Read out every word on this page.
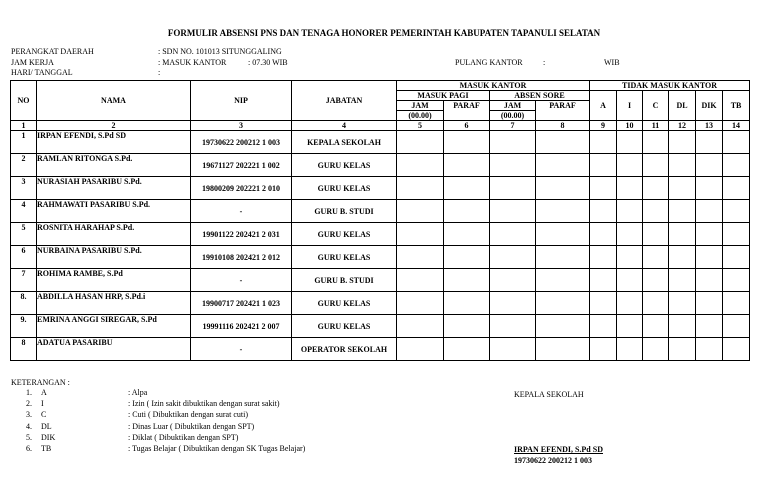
FORMULIR ABSENSI PNS DAN TENAGA HONORER PEMERINTAH KABUPATEN TAPANULI SELATAN
PERANGKAT DAERAH	: SDN NO. 101013 SITUNGGALING
JAM KERJA	: MASUK KANTOR	: 07.30 WIB	PULANG KANTOR	:	WIB
HARI/ TANGGAL	:
NO	NAMA	NIP	JABATAN	MASUK KANTOR				TIDAK MASUK KANTOR					
				MASUK PAGI		ABSEN SORE		A	I	C	DL	DIK	TB
				JAM	PARAF	JAM	PARAF						
				(00.00)		(00.00)							
1	2	3	4	5	6	7	8	9	10	11	12	13	14
1	IRPAN EFENDI, S.Pd SD	19730622 200212 1 003	KEPALA SEKOLAH										
2	RAMLAN RITONGA S.Pd.	19671127 202221 1 002	GURU KELAS										
3	NURASIAH PASARIBU S.Pd.	19800209 202221 2 010	GURU KELAS										
4	RAHMAWATI PASARIBU S.Pd.	-	GURU B. STUDI										
5	ROSNITA HARAHAP S.Pd.	19901122 202421 2 031	GURU KELAS										
6	NURBAINA PASARIBU S.Pd.	19910108 202421 2 012	GURU KELAS										
7	ROHIMA RAMBE, S.Pd	-	GURU B. STUDI										
8.	ABDILLA HASAN HRP, S.Pd.i	19900717 202421 1 023	GURU KELAS										
9.	EMRINA ANGGI SIREGAR, S.Pd	19991116 202421 2 007	GURU KELAS										
8	ADATUA PASARIBU	-	OPERATOR SEKOLAH										
KETERANGAN :
1. A	: Alpa
2. I	: Izin ( Izin sakit dibuktikan dengan surat sakit)
3. C	: Cuti ( Dibuktikan dengan surat cuti)
4. DL	: Dinas Luar ( Dibuktikan dengan SPT)
5. DIK	: Diklat ( Dibuktikan dengan SPT)
6. TB	: Tugas Belajar ( Dibuktikan dengan SK Tugas Belajar)
KEPALA SEKOLAH
IRPAN EFENDI, S.Pd SD
19730622 200212 1 003
